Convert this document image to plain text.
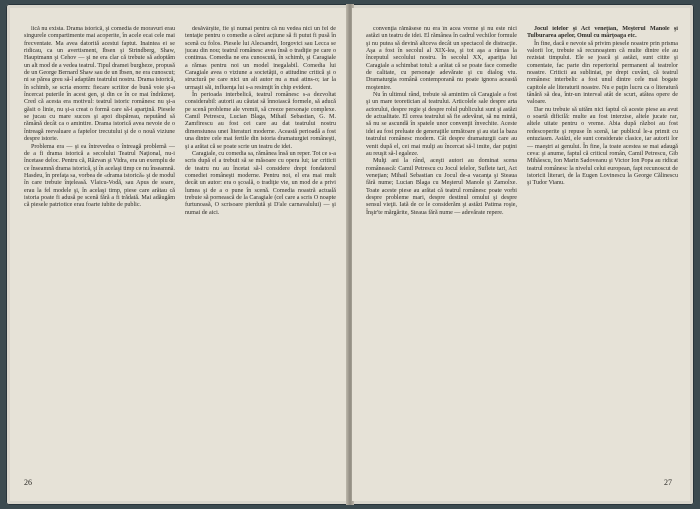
lică nu exista. Drama istorică, şi comedia de moravuri erau singurele compartimente mai acoperite, în acele ecai cele mai frecventate. Ma avea datorită acestui faptut. Inaintea ei se ridicau, ca un avertisment, Ibsen şi Strindberg, Shaw, Hauptmann şi Cehov — şi ne era clar că trebuie să adoptăm un alt mod de a vedea teatrul. Tipul dramei burgheze, propusă de un George Bernard Shaw sau de un Ibsen, ne era cunoscut; ni se părea greu să-l adaptăm teatrului nostru. Drama istorică, în schimb, se scria enorm: fiecare scriitor de bună voie şi-a încercat puterile în acest gen, şi din ce în ce mai îndrăzneţ. Cred că acesta era motivul: teatrul istoric românesc nu şi-a găsit o linie, nu şi-a creat o formă care să-i aparţină. Piesele se jucau cu mare succes şi apoi dispăreau, neputând să rămână decât ca o amintire. Drama istorică avea nevoie de o întreagă reevaluare a faptelor trecutului şi de o nouă viziune despre istorie.

Problema era — şi ea întrevedea o întreagă problemă — de a fi drama istorică a secolului Teatrul Naţional, nu-i încetase deloc. Pentru că, Răzvan şi Vidra, era un exemplu de ce înseamnă drama istorică, şi în acelaşi timp ce nu înseamnă. Hasdeu, în prefaţa sa, vorbea de «drama istorică» şi de modul în care trebuie înţeleasă. Vlaicu-Vodă, sau Apus de soare, erau la fel modele şi, în acelaşi timp, piese care arătau că istoria poate fi adusă pe scenă fără a fi trădată. Mai adăugăm că piesele patriotice erau foarte iubite de public.

desăvârşite, fie şi numai pentru că nu vedea nici un fel de tentaţie pentru o comedie a cărei acţiune să fi putut fi pusă în scenă cu folos. Piesele lui Alecsandri, Iorgovici sau Lecca se jucau din nou; teatrul românesc avea însă o tradiţie pe care o continua. Comedia ne era cunoscută, în schimb, şi Caragiale a rămas pentru noi un model inegalabil. Comedia lui Caragiale avea o viziune a societăţii, o atitudine critică şi o structură pe care nici un alt autor nu a mai atins-o; iar la urmaşii săi, influenţa lui s-a resimţit în chip evident.

În perioada interbelică, teatrul românesc s-a dezvoltat considerabil: autorii au căutat să înnoiască formele, să aducă pe scenă probleme ale vremii, să creeze personaje complexe. Camil Petrescu, Lucian Blaga, Mihail Sebastian, G. M. Zamfirescu au fost cei care au dat teatrului nostru dimensiunea unei literaturi moderne. Această perioadă a fost una dintre cele mai fertile din istoria dramaturgiei româneşti, şi a arătat că se poate scrie un teatru de idei.

Caragiale, cu comedia sa, rămânea însă un reper. Tot ce s-a scris după el a trebuit să se măsoare cu opera lui; iar criticii de teatru nu au încetat să-l considere drept fondatorul comediei româneşti moderne. Pentru noi, el era mai mult decât un autor: era o şcoală, o tradiţie vie, un mod de a privi lumea şi de a o pune în scenă. Comedia noastră actuală trebuie să pornească de la Caragiale (cel care a scris O noapte furtunoasă, O scrisoare pierdută şi D'ale carnavalului) — şi numai de aici.

26

convenţia rămăsese nu era în acea vreme şi nu este nici astăzi un teatru de idei. El rămânea în cadrul vechilor formule şi nu putea să devină altceva decât un spectacol de distracţie. Aşa a fost în secolul al XIX-lea, şi tot aşa a rămas la începutul secolului nostru. În secolul XX, apariţia lui Caragiale a schimbat totul: a arătat că se poate face comedie de calitate, cu personaje adevărate şi cu dialog viu. Dramaturgia română contemporană nu poate ignora această moştenire.

Nu în ultimul rând, trebuie să amintim că Caragiale a fost şi un mare teoretician al teatrului. Articolele sale despre arta actorului, despre regie şi despre rolul publicului sunt şi astăzi de actualitate. El cerea teatrului să fie adevărat, să nu mintă, să nu se ascundă în spatele unor convenţii învechite. Aceste idei au fost preluate de generaţiile următoare şi au stat la baza teatrului românesc modern. Cât despre dramaturgii care au venit după el, cei mai mulţi au încercat să-l imite, dar puţini au reuşit să-l egaleze.

Mulţi ani la rând, aceşti autori au dominat scena românească: Camil Petrescu cu Jocul ielelor, Suflete tari, Act veneţian; Mihail Sebastian cu Jocul de-a vacanţa şi Steaua fără nume; Lucian Blaga cu Meşterul Manole şi Zamolxe. Toate aceste piese au arătat că teatrul românesc poate vorbi despre probleme mari, despre destinul omului şi despre sensul vieţii. Iată de ce le considerăm şi astăzi Patima roşie, Înşir'te mărgărite, Steaua fără nume — adevărate repere.

Jocul ielelor şi Act veneţian, Meşterul Manole şi Tulburarea apelor, Omul cu mârţoaga etc.

În fine, dacă e nevoie să privim piesele noastre prin prisma valorii lor, trebuie să recunoaştem că multe dintre ele au rezistat timpului. Ele se joacă şi astăzi, sunt citite şi comentate, fac parte din repertoriul permanent al teatrelor noastre. Criticii au subliniat, pe drept cuvânt, că teatrul românesc interbelic a fost unul dintre cele mai bogate capitole ale literaturii noastre. Nu e puţin lucru ca o literatură tânără să dea, într-un interval atât de scurt, atâtea opere de valoare.

Dar nu trebuie să uităm nici faptul că aceste piese au avut o soartă dificilă: multe au fost interzise, altele jucate rar, altele uitate pentru o vreme. Abia după război au fost redescoperite şi repuse în scenă, iar publicul le-a primit cu entuziasm. Astăzi, ele sunt considerate clasice, iar autorii lor — maeştri ai genului. În fine, la toate acestea se mai adaugă ceva: şi anume, faptul că criticul român, Camil Petrescu, Gib Mihăescu, Ion Marin Sadoveanu şi Victor Ion Popa au ridicat teatrul românesc la nivelul celui european, fapt recunoscut de istoricii literari, de la Eugen Lovinescu la George Călinescu şi Tudor Vianu.

27
